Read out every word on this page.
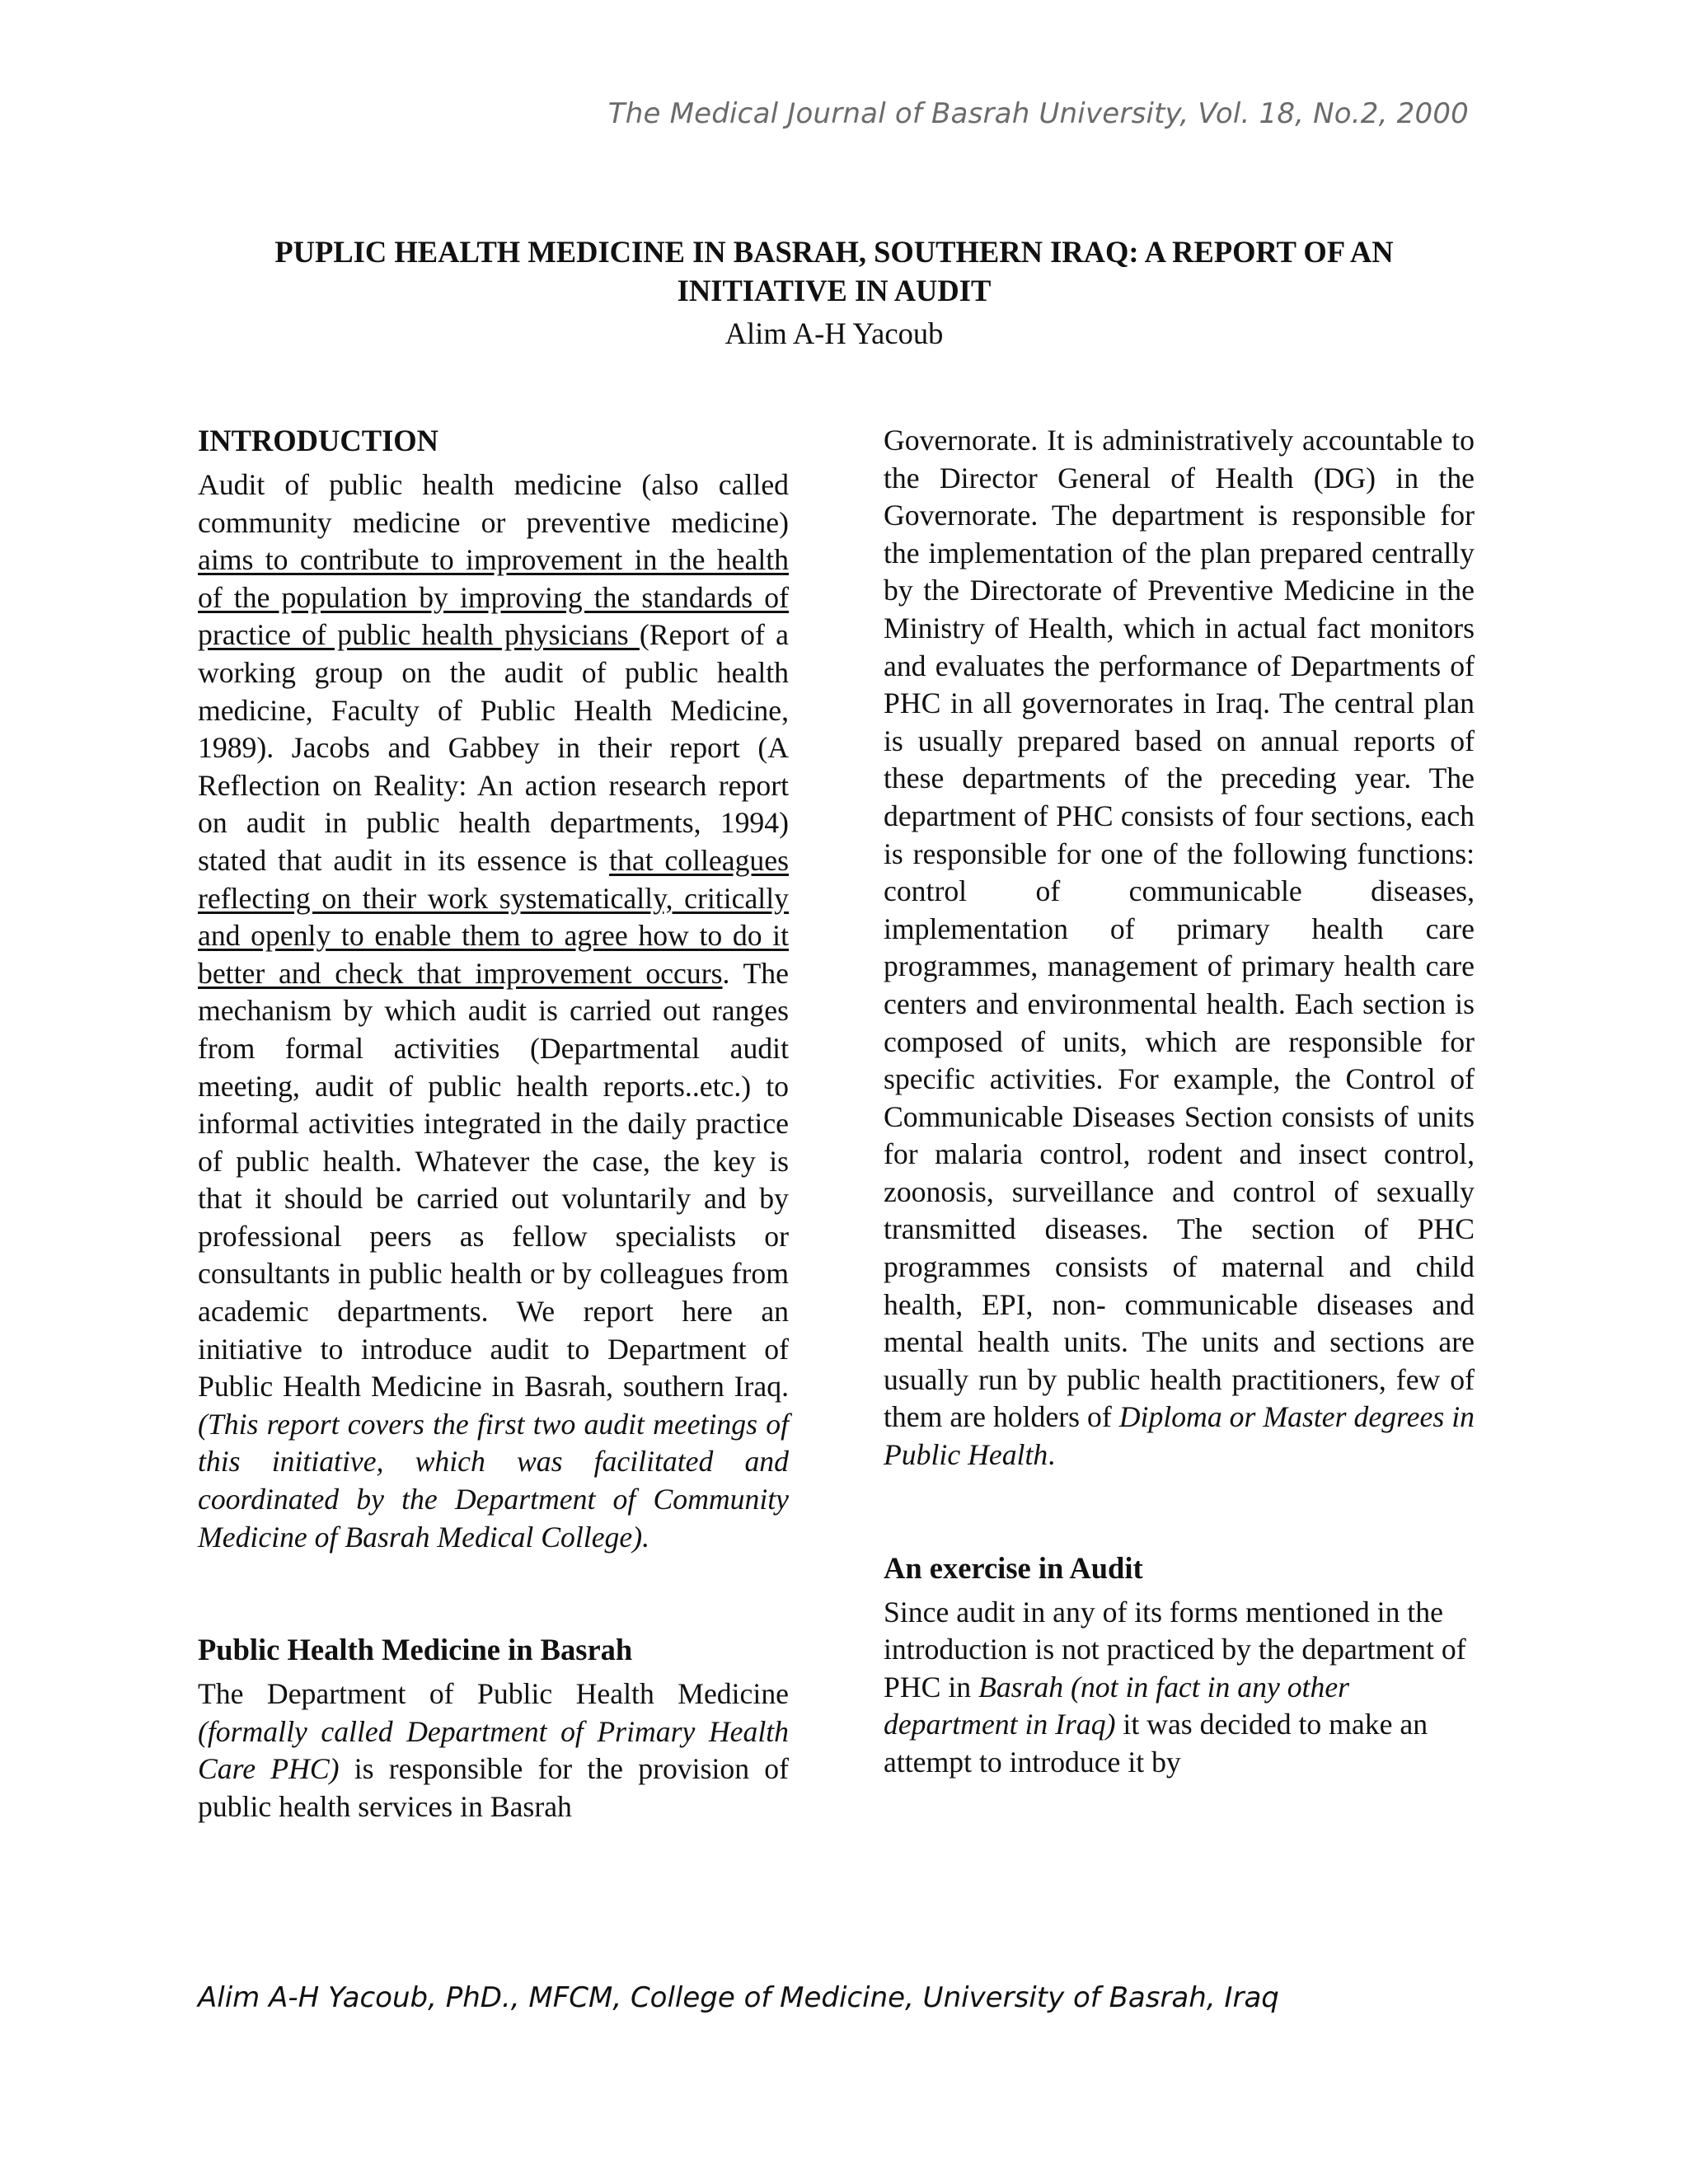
The Medical Journal of Basrah University, Vol. 18, No.2, 2000
PUPLIC HEALTH MEDICINE IN BASRAH, SOUTHERN IRAQ: A REPORT OF AN
INITIATIVE IN AUDIT
Alim A-H Yacoub
INTRODUCTION

Audit of public health medicine (also called community medicine or preventive medicine) aims to contribute to improvement in the health of the population by improving the standards of practice of public health physicians (Report of a working group on the audit of public health medicine, Faculty of Public Health Medicine, 1989). Jacobs and Gabbey in their report (A Reflection on Reality: An action research report on audit in public health departments, 1994) stated that audit in its essence is that colleagues reflecting on their work systematically, critically and openly to enable them to agree how to do it better and check that improvement occurs. The mechanism by which audit is carried out ranges from formal activities (Departmental audit meeting, audit of public health reports..etc.) to informal activities integrated in the daily practice of public health. Whatever the case, the key is that it should be carried out voluntarily and by professional peers as fellow specialists or consultants in public health or by colleagues from academic departments. We report here an initiative to introduce audit to Department of Public Health Medicine in Basrah, southern Iraq. (This report covers the first two audit meetings of this initiative, which was facilitated and coordinated by the Department of Community Medicine of Basrah Medical College).

Public Health Medicine in Basrah

The Department of Public Health Medicine (formally called Department of Primary Health Care PHC) is responsible for the provision of public health services in Basrah

Governorate. It is administratively accountable to the Director General of Health (DG) in the Governorate. The department is responsible for the implementation of the plan prepared centrally by the Directorate of Preventive Medicine in the Ministry of Health, which in actual fact monitors and evaluates the performance of Departments of PHC in all governorates in Iraq. The central plan is usually prepared based on annual reports of these departments of the preceding year. The department of PHC consists of four sections, each is responsible for one of the following functions: control of communicable diseases, implementation of primary health care programmes, management of primary health care centers and environmental health. Each section is composed of units, which are responsible for specific activities. For example, the Control of Communicable Diseases Section consists of units for malaria control, rodent and insect control, zoonosis, surveillance and control of sexually transmitted diseases. The section of PHC programmes consists of maternal and child health, EPI, non- communicable diseases and mental health units. The units and sections are usually run by public health practitioners, few of them are holders of Diploma or Master degrees in Public Health.

An exercise in Audit

Since audit in any of its forms mentioned in the introduction is not practiced by the department of PHC in Basrah (not in fact in any other department in Iraq) it was decided to make an attempt to introduce it by

Alim A-H Yacoub, PhD., MFCM, College of Medicine, University of Basrah, Iraq
